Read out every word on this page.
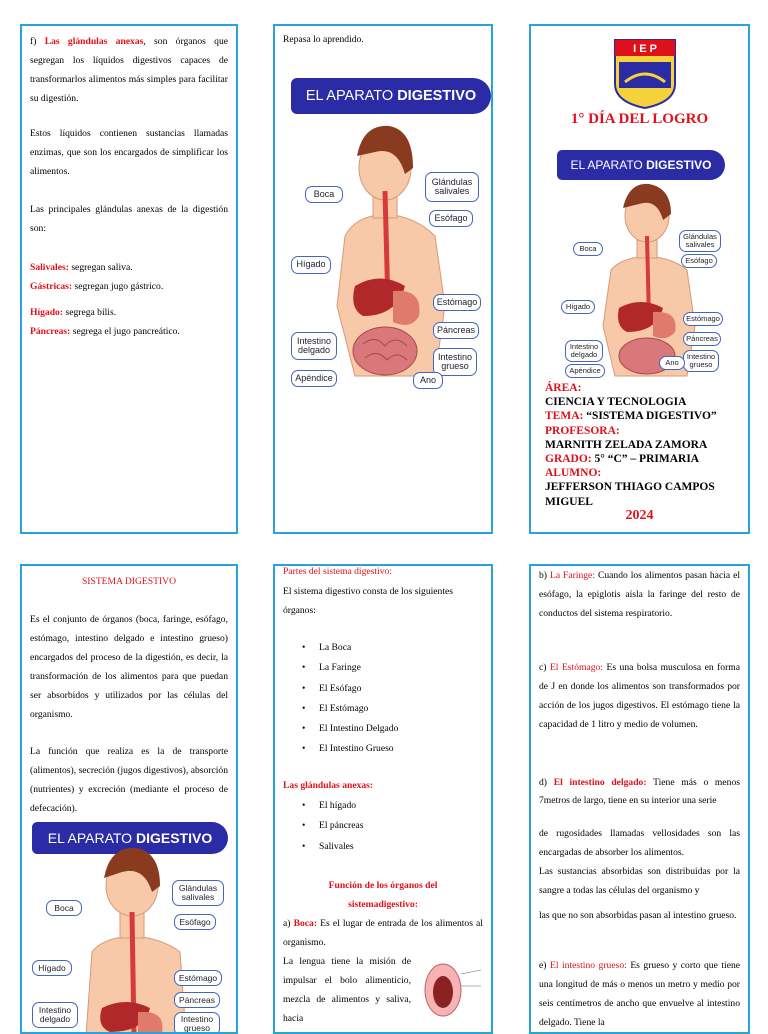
f) Las glándulas anexas, son órganos que segregan los líquidos digestivos capaces de transformarlos alimentos más simples para facilitar su digestión.
Estos líquidos contienen sustancias llamadas enzimas, que son los encargados de simplificar los alimentos.
Las principales glándulas anexas de la digestión son:
Salivales: segregan saliva.
Gástricas: segregan jugo gástrico.
Hígado: segrega bilis.
Páncreas: segrega el jugo pancreático.
Repasa lo aprendido.
EL APARATO
DIGESTIVO
Boca
Glándulas salivales
Esófago
Hígado
Estómago
Páncreas
Intestino delgado
Intestino grueso
Apéndice	Ano
I E P
1° DÍA DEL LOGRO
EL APARATO
DIGESTIVO
Boca
Glándulas salivales
Esófago
Hígado
Estómago
Páncreas
Intestino delgado	Intestino grueso
Apéndice
Ano
ÁREA:
CIENCIA Y TECNOLOGIA
TEMA: “SISTEMA DIGESTIVO”
PROFESORA:
MARNITH ZELADA ZAMORA
GRADO: 5° “C” – PRIMARIA
ALUMNO:
JEFFERSON THIAGO CAMPOS MIGUEL
2024
SISTEMA DIGESTIVO
Es el conjunto de órganos (boca, faringe, esófago, estómago, intestino delgado e intestino grueso) encargados del proceso de la digestión, es decir, la transformación de los alimentos para que puedan ser absorbidos y utilizados por las células del organismo.
La función que realiza es la de transporte (alimentos), secreción (jugos digestivos), absorción (nutrientes) y excreción (mediante el proceso de defecación).
EL APARATO
DIGESTIVO
Boca
Glándulas salivales
Esófago
Hígado
Estómago
Páncreas
Intestino delgado	Intestino grueso
Partes del sistema digestivo:
El sistema digestivo consta de los siguientes órganos:
• La Boca
• La Faringe
• El Esófago
• El Estómago
• El Intestino Delgado
• El Intestino Grueso
Las glándulas anexas:
• El hígado
• El páncreas
• Salivales
Función de los órganos del sistemadigestivo:
a) Boca: Es el lugar de entrada de los alimentos al organismo.
La lengua tiene la misión de impulsar el bolo alimenticio, mezcla de alimentos y saliva, hacia
b) La Faringe: Cuando los alimentos pasan hacia el esófago, la epiglotis aísla la faringe del resto de conductos del sistema respiratorio.
c) El Estómago: Es una bolsa musculosa en forma de J en donde los alimentos son transformados por acción de los jugos digestivos. El estómago tiene la capacidad de 1 litro y medio de volumen.
d) El intestino delgado: Tiene más o menos 7metros de largo, tiene en su interior una serie
de rugosidades llamadas vellosidades son las encargadas de absorber los alimentos.
Las sustancias absorbidas son distribuidas por la sangre a todas las células del organismo y
las que no son absorbidas pasan al intestino grueso.
e) El intestino grueso: Es grueso y corto que tiene una longitud de más o menos un metro y medio por seis centímetros de ancho que envuelve al intestino delgado. Tiene la
